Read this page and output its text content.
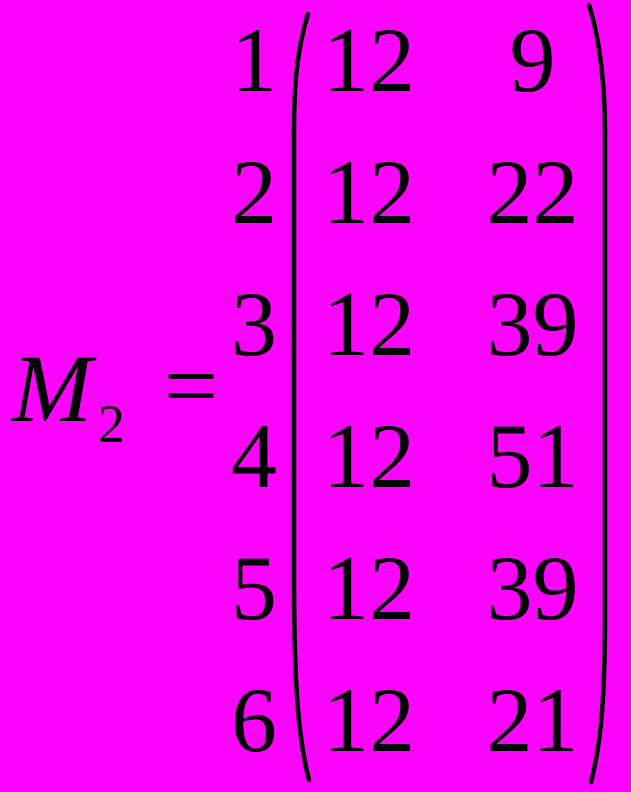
M 2 =
1
2
3
4
5
6
12
12
12
12
12
12
9
22
39
51
39
21
